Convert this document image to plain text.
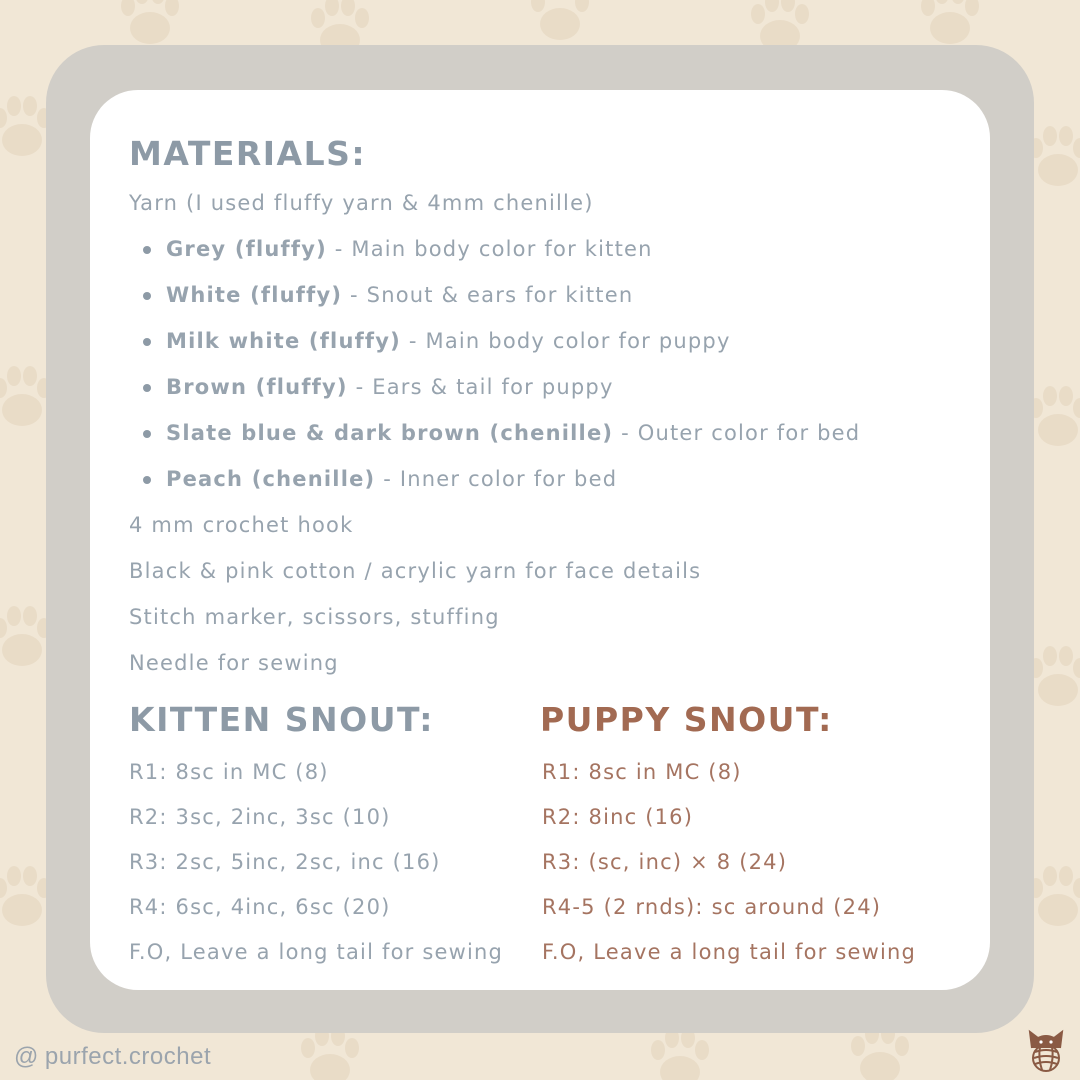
MATERIALS:
Yarn (I used fluffy yarn & 4mm chenille)
Grey (fluffy) - Main body color for kitten
White (fluffy) - Snout & ears for kitten
Milk white (fluffy) - Main body color for puppy
Brown (fluffy) - Ears & tail for puppy
Slate blue & dark brown (chenille) - Outer color for bed
Peach (chenille) - Inner color for bed
4 mm crochet hook
Black & pink cotton / acrylic yarn for face details
Stitch marker, scissors, stuffing
Needle for sewing
KITTEN SNOUT:
R1: 8sc in MC (8)
R2: 3sc, 2inc, 3sc (10)
R3: 2sc, 5inc, 2sc, inc (16)
R4: 6sc, 4inc, 6sc (20)
F.O, Leave a long tail for sewing
PUPPY SNOUT:
R1: 8sc in MC (8)
R2: 8inc (16)
R3: (sc, inc) × 8 (24)
R4-5 (2 rnds): sc around (24)
F.O, Leave a long tail for sewing
@ purfect.crochet
